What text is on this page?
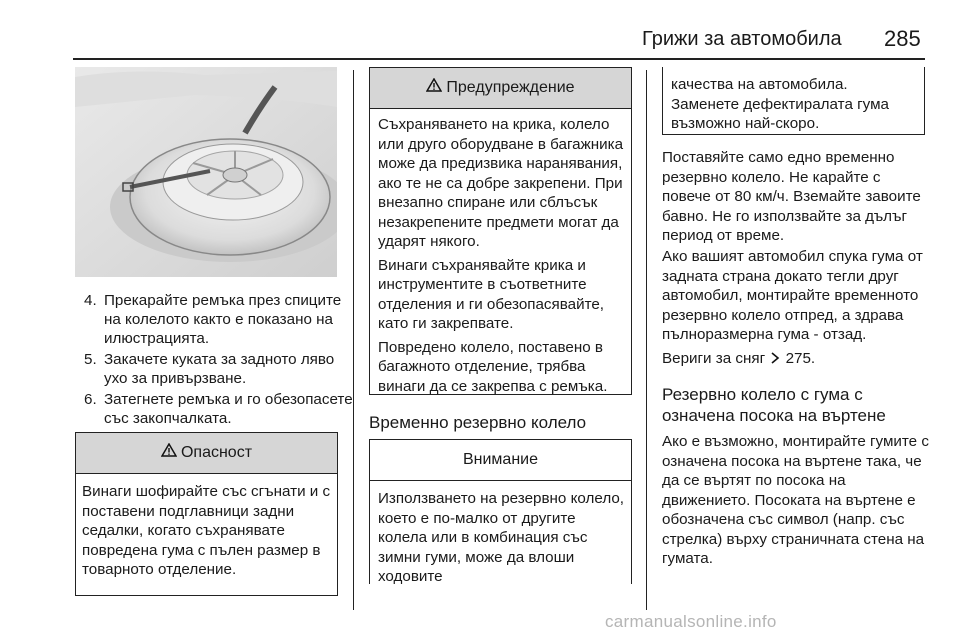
Грижи за автомобила 285
4. Прекарайте ремъка през спиците на колелото както е показано на илюстрацията.
5. Закачете куката за задното ляво ухо за привързване.
6. Затегнете ремъка и го обезопасете със закопчалката.
Опасност
Винаги шофирайте със сгънати и с поставени подглавници задни седалки, когато съхранявате повредена гума с пълен размер в товарното отделение.
Предупреждение
Съхраняването на крика, колело или друго оборудване в багажника може да предизвика наранявания, ако те не са добре закрепени. При внезапно спиране или сблъсък незакрепените предмети могат да ударят някого.
Винаги съхранявайте крика и инструментите в съответните отделения и ги обезопасявайте, като ги закрепвате.
Повредено колело, поставено в багажното отделение, трябва винаги да се закрепва с ремъка.
Временно резервно колело
Внимание
Използването на резервно колело, което е по-малко от другите колела или в комбинация със зимни гуми, може да влоши ходовите
качества на автомобила. Заменете дефектиралата гума възможно най-скоро.
Поставяйте само едно временно резервно колело. Не карайте с повече от 80 км/ч. Вземайте завоите бавно. Не го използвайте за дълъг период от време.
Ако вашият автомобил спука гума от задната страна докато тегли друг автомобил, монтирайте временното резервно колело отпред, а здрава пълноразмерна гума - отзад.
Вериги за сняг 275.
Резервно колело с гума с означена посока на въртене
Ако е възможно, монтирайте гумите с означена посока на въртене така, че да се въртят по посока на движението. Посоката на въртене е обозначена със символ (напр. със стрелка) върху страничната стена на гумата.
carmanualsonline.info
